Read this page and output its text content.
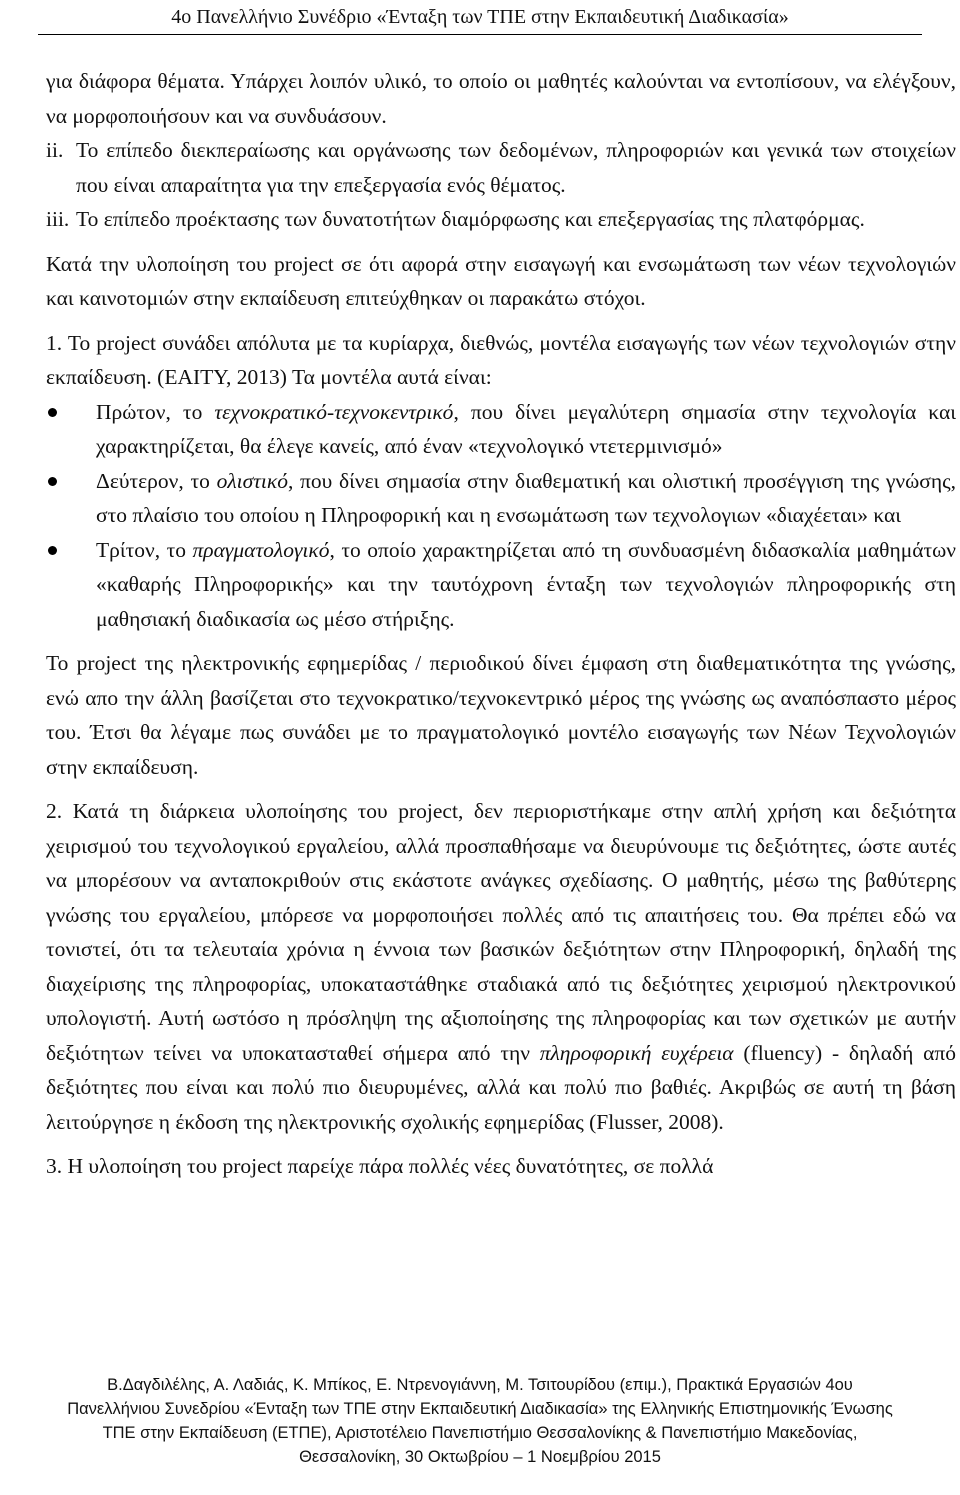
4ο Πανελλήνιο Συνέδριο «Ένταξη των ΤΠΕ στην Εκπαιδευτική Διαδικασία»

για διάφορα θέματα. Υπάρχει λοιπόν υλικό, το οποίο οι μαθητές καλούνται να εντοπίσουν, να ελέγξουν, να μορφοποιήσουν και να συνδυάσουν.

ii. Το επίπεδο διεκπεραίωσης και οργάνωσης των δεδομένων, πληροφοριών και γενικά των στοιχείων που είναι απαραίτητα για την επεξεργασία ενός θέματος.
iii. Το επίπεδο προέκτασης των δυνατοτήτων διαμόρφωσης και επεξεργασίας της πλατφόρμας.

Κατά την υλοποίηση του project σε ότι αφορά στην εισαγωγή και ενσωμάτωση των νέων τεχνολογιών και καινοτομιών στην εκπαίδευση επιτεύχθηκαν οι παρακάτω στόχοι.

1. Το project συνάδει απόλυτα με τα κυρίαρχα, διεθνώς, μοντέλα εισαγωγής των νέων τεχνολογιών στην εκπαίδευση. (ΕΑΙΤΥ, 2013) Τα μοντέλα αυτά είναι:

Πρώτον, το τεχνοκρατικό-τεχνοκεντρικό, που δίνει μεγαλύτερη σημασία στην τεχνολογία και χαρακτηρίζεται, θα έλεγε κανείς, από έναν «τεχνολογικό ντετερμινισμό»
Δεύτερον, το ολιστικό, που δίνει σημασία στην διαθεματική και ολιστική προσέγγιση της γνώσης, στο πλαίσιο του οποίου η Πληροφορική και η ενσωμάτωση των τεχνολογιων «διαχέεται» και
Τρίτον, το πραγματολογικό, το οποίο χαρακτηρίζεται από τη συνδυασμένη διδασκαλία μαθημάτων «καθαρής Πληροφορικής» και την ταυτόχρονη ένταξη των τεχνολογιών πληροφορικής στη μαθησιακή διαδικασία ως μέσο στήριξης.

Το project της ηλεκτρονικής εφημερίδας / περιοδικού δίνει έμφαση στη διαθεματικότητα της γνώσης, ενώ απο την άλλη βασίζεται στο τεχνοκρατικο/τεχνοκεντρικό μέρος της γνώσης ως αναπόσπαστο μέρος του. Έτσι θα λέγαμε πως συνάδει με το πραγματολογικό μοντέλο εισαγωγής των Νέων Τεχνολογιών στην εκπαίδευση.

2. Κατά τη διάρκεια υλοποίησης του project, δεν περιοριστήκαμε στην απλή χρήση και δεξιότητα χειρισμού του τεχνολογικού εργαλείου, αλλά προσπαθήσαμε να διευρύνουμε τις δεξιότητες, ώστε αυτές να μπορέσουν να ανταποκριθούν στις εκάστοτε ανάγκες σχεδίασης. Ο μαθητής, μέσω της βαθύτερης γνώσης του εργαλείου, μπόρεσε να μορφοποιήσει πολλές από τις απαιτήσεις του. Θα πρέπει εδώ να τονιστεί, ότι τα τελευταία χρόνια η έννοια των βασικών δεξιότητων στην Πληροφορική, δηλαδή της διαχείρισης της πληροφορίας, υποκαταστάθηκε σταδιακά από τις δεξιότητες χειρισμού ηλεκτρονικού υπολογιστή. Αυτή ωστόσο η πρόσληψη της αξιοποίησης της πληροφορίας και των σχετικών με αυτήν δεξιότητων τείνει να υποκατασταθεί σήμερα από την πληροφορική ευχέρεια (fluency) - δηλαδή από δεξιότητες που είναι και πολύ πιο διευρυμένες, αλλά και πολύ πιο βαθιές. Ακριβώς σε αυτή τη βάση λειτούργησε η έκδοση της ηλεκτρονικής σχολικής εφημερίδας (Flusser, 2008).

3. Η υλοποίηση του project παρείχε πάρα πολλές νέες δυνατότητες, σε πολλά

Β.Δαγδιλέλης, Α. Λαδιάς, Κ. Μπίκος, Ε. Ντρενογιάννη, Μ. Τσιτουρίδου (επιμ.), Πρακτικά Εργασιών 4ου
Πανελλήνιου Συνεδρίου «Ένταξη των ΤΠΕ στην Εκπαιδευτική Διαδικασία» της Ελληνικής Επιστημονικής Ένωσης
ΤΠΕ στην Εκπαίδευση (ΕΤΠΕ), Αριστοτέλειο Πανεπιστήμιο Θεσσαλονίκης & Πανεπιστήμιο Μακεδονίας,
Θεσσαλονίκη, 30 Οκτωβρίου – 1 Νοεμβρίου 2015
